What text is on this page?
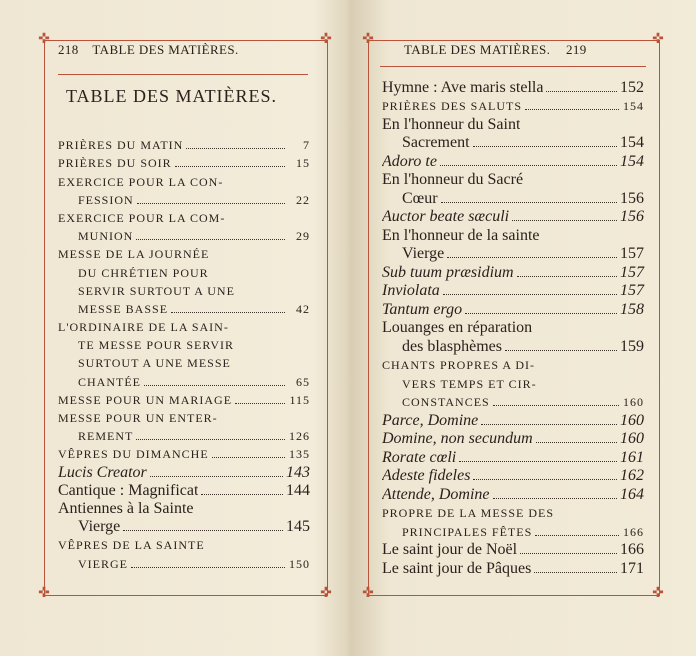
✜	✜
✜	✜
218 TABLE DES MATIÈRES.
TABLE DES MATIÈRES.
PRIÈRES DU MATIN	7
PRIÈRES DU SOIR	15
EXERCICE POUR LA CON-
FESSION	22
EXERCICE POUR LA COM-
MUNION	29
MESSE DE LA JOURNÉE
DU CHRÉTIEN POUR
SERVIR SURTOUT A UNE
MESSE BASSE	42
L'ORDINAIRE DE LA SAIN-
TE MESSE POUR SERVIR
SURTOUT A UNE MESSE
CHANTÉE	65
MESSE POUR UN MARIAGE	115
MESSE POUR UN ENTER-
REMENT	126
VÊPRES DU DIMANCHE	135
Lucis Creator	143
Cantique : Magnificat	144
Antiennes à la Sainte
Vierge	145
VÊPRES DE LA SAINTE
VIERGE	150
✜	✜
✜	✜
TABLE DES MATIÈRES. 219
Hymne : Ave maris stella	152
PRIÈRES DES SALUTS	154
En l'honneur du Saint
Sacrement	154
Adoro te	154
En l'honneur du Sacré
Cœur	156
Auctor beate sæculi	156
En l'honneur de la sainte
Vierge	157
Sub tuum præsidium	157
Inviolata	157
Tantum ergo	158
Louanges en réparation
des blasphèmes	159
CHANTS PROPRES A DI-
VERS TEMPS ET CIR-
CONSTANCES	160
Parce, Domine	160
Domine, non secundum	160
Rorate cœli	161
Adeste fideles	162
Attende, Domine	164
PROPRE DE LA MESSE DES
PRINCIPALES FÊTES	166
Le saint jour de Noël	166
Le saint jour de Pâques	171
